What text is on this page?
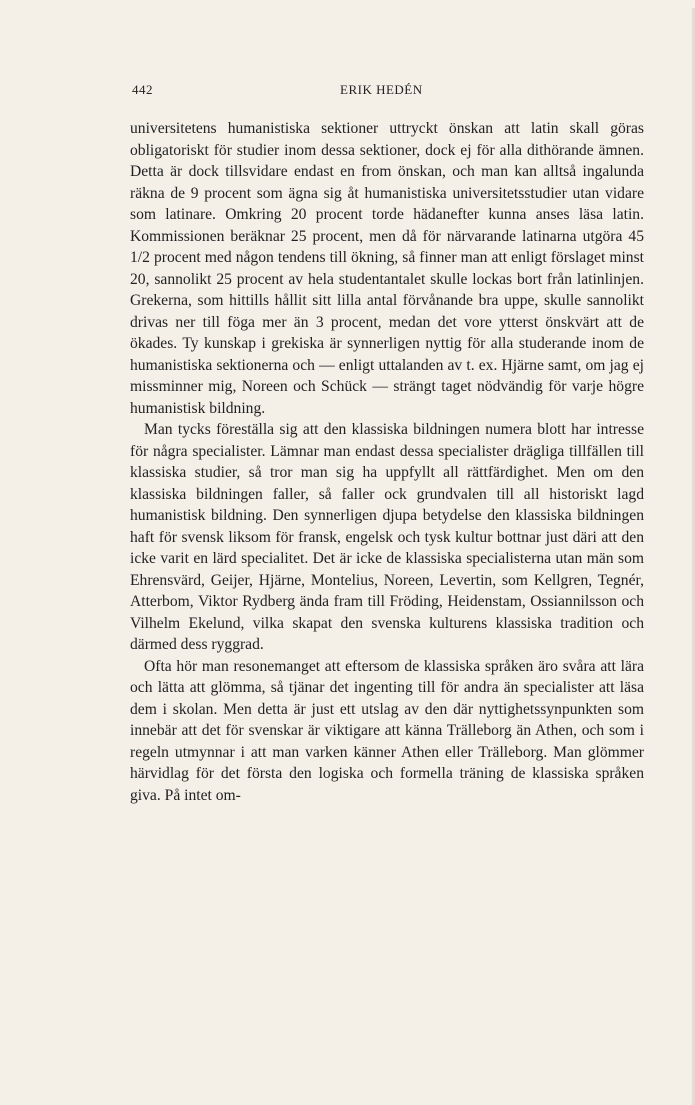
442	ERIK HEDÉN

universitetens humanistiska sektioner uttryckt önskan att latin skall göras obligatoriskt för studier inom dessa sektioner, dock ej för alla dithörande ämnen. Detta är dock tillsvidare endast en from önskan, och man kan alltså ingalunda räkna de 9 procent som ägna sig åt humanistiska universitetsstudier utan vidare som latinare. Omkring 20 procent torde hädanefter kunna anses läsa latin. Kommissionen beräknar 25 procent, men då för närvarande latinarna utgöra 45 1/2 procent med någon tendens till ökning, så finner man att enligt förslaget minst 20, sannolikt 25 procent av hela studentantalet skulle lockas bort från latinlinjen. Grekerna, som hittills hållit sitt lilla antal förvånande bra uppe, skulle sannolikt drivas ner till föga mer än 3 procent, medan det vore ytterst önskvärt att de ökades. Ty kunskap i grekiska är synnerligen nyttig för alla studerande inom de humanistiska sektionerna och — enligt uttalanden av t. ex. Hjärne samt, om jag ej missminner mig, Noreen och Schück — strängt taget nödvändig för varje högre humanistisk bildning.

Man tycks föreställa sig att den klassiska bildningen numera blott har intresse för några specialister. Lämnar man endast dessa specialister drägliga tillfällen till klassiska studier, så tror man sig ha uppfyllt all rättfärdighet. Men om den klassiska bildningen faller, så faller ock grundvalen till all historiskt lagd humanistisk bildning. Den synnerligen djupa betydelse den klassiska bildningen haft för svensk liksom för fransk, engelsk och tysk kultur bottnar just däri att den icke varit en lärd specialitet. Det är icke de klassiska specialisterna utan män som Ehrensvärd, Geijer, Hjärne, Montelius, Noreen, Levertin, som Kellgren, Tegnér, Atterbom, Viktor Rydberg ända fram till Fröding, Heidenstam, Ossiannilsson och Vilhelm Ekelund, vilka skapat den svenska kulturens klassiska tradition och därmed dess ryggrad.

Ofta hör man resonemanget att eftersom de klassiska språken äro svåra att lära och lätta att glömma, så tjänar det ingenting till för andra än specialister att läsa dem i skolan. Men detta är just ett utslag av den där nyttighetssynpunkten som innebär att det för svenskar är viktigare att känna Trälleborg än Athen, och som i regeln utmynnar i att man varken känner Athen eller Trälleborg. Man glömmer härvidlag för det första den logiska och formella träning de klassiska språken giva. På intet om-
